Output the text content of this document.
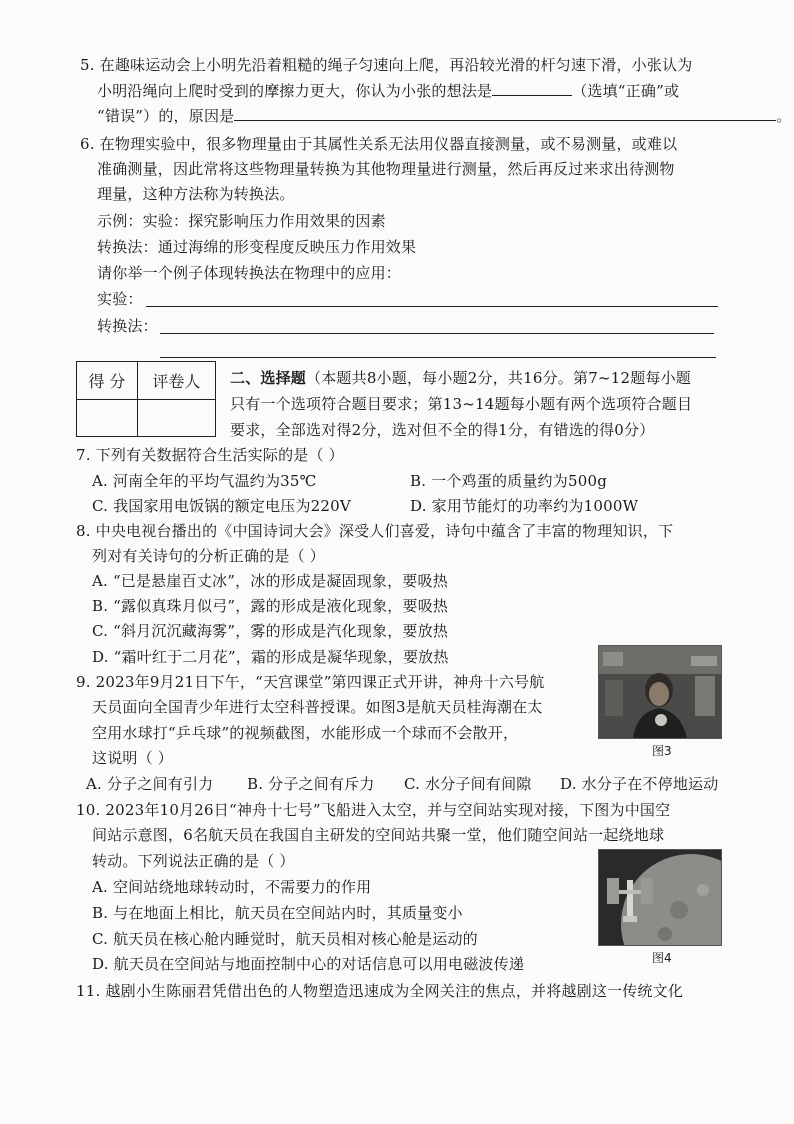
5. 在趣味运动会上小明先沿着粗糙的绳子匀速向上爬，再沿较光滑的杆匀速下滑，小张认为
小明沿绳向上爬时受到的摩擦力更大，你认为小张的想法是	（选填“正确”或
“错误”）的，原因是	。
6. 在物理实验中，很多物理量由于其属性关系无法用仪器直接测量，或不易测量，或难以
准确测量，因此常将这些物理量转换为其他物理量进行测量，然后再反过来求出待测物
理量，这种方法称为转换法。
示例：实验：探究影响压力作用效果的因素
转换法：通过海绵的形变程度反映压力作用效果
请你举一个例子体现转换法在物理中的应用：
实验：
转换法：
得 分	评卷人
	二、选择题（本题共8小题，每小题2分，共16分。第7~12题每小题
只有一个选项符合题目要求；第13~14题每小题有两个选项符合题目
要求，全部选对得2分，选对但不全的得1分，有错选的得0分）
7. 下列有关数据符合生活实际的是（ ）
A. 河南全年的平均气温约为35℃	B. 一个鸡蛋的质量约为500g
C. 我国家用电饭锅的额定电压为220V	D. 家用节能灯的功率约为1000W
8. 中央电视台播出的《中国诗词大会》深受人们喜爱，诗句中蕴含了丰富的物理知识，下
列对有关诗句的分析正确的是（ ）
A. “已是悬崖百丈冰”，冰的形成是凝固现象，要吸热
B. “露似真珠月似弓”，露的形成是液化现象，要吸热
C. “斜月沉沉藏海雾”，雾的形成是汽化现象，要放热
D. “霜叶红于二月花”，霜的形成是凝华现象，要放热
图3
9. 2023年9月21日下午，“天宫课堂”第四课正式开讲，神舟十六号航
天员面向全国青少年进行太空科普授课。如图3是航天员桂海潮在太
空用水球打“乒乓球”的视频截图，水能形成一个球而不会散开，
这说明（ ）
A. 分子之间有引力 B. 分子之间有斥力 C. 水分子间有间隙 D. 水分子在不停地运动
10. 2023年10月26日“神舟十七号”飞船进入太空，并与空间站实现对接，下图为中国空
间站示意图，6名航天员在我国自主研发的空间站共聚一堂，他们随空间站一起绕地球
转动。下列说法正确的是（ ）
A. 空间站绕地球转动时，不需要力的作用
B. 与在地面上相比，航天员在空间站内时，其质量变小
C. 航天员在核心舱内睡觉时，航天员相对核心舱是运动的
D. 航天员在空间站与地面控制中心的对话信息可以用电磁波传递	图4
11. 越剧小生陈丽君凭借出色的人物塑造迅速成为全网关注的焦点，并将越剧这一传统文化
